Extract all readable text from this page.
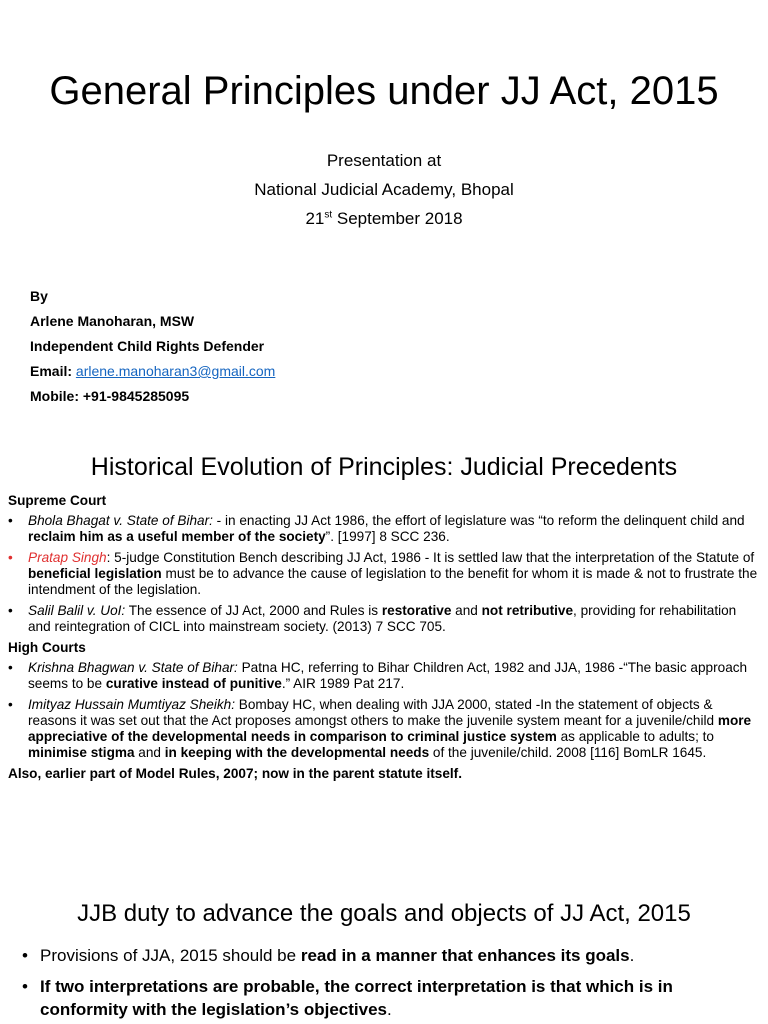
General Principles under JJ Act, 2015
Presentation at
National Judicial Academy, Bhopal
21st September 2018
By
Arlene Manoharan, MSW
Independent Child Rights Defender
Email: arlene.manoharan3@gmail.com
Mobile: +91-9845285095
Historical Evolution of Principles: Judicial Precedents
Supreme Court
• Bhola Bhagat v. State of Bihar: - in enacting JJ Act 1986, the effort of legislature was “to reform the delinquent child and reclaim him as a useful member of the society”. [1997] 8 SCC 236.
• Pratap Singh: 5-judge Constitution Bench describing JJ Act, 1986 - It is settled law that the interpretation of the Statute of beneficial legislation must be to advance the cause of legislation to the benefit for whom it is made & not to frustrate the intendment of the legislation.
• Salil Balil v. UoI: The essence of JJ Act, 2000 and Rules is restorative and not retributive, providing for rehabilitation and reintegration of CICL into mainstream society. (2013) 7 SCC 705.
High Courts
• Krishna Bhagwan v. State of Bihar: Patna HC, referring to Bihar Children Act, 1982 and JJA, 1986 -“The basic approach seems to be curative instead of punitive.” AIR 1989 Pat 217.
• Imityaz Hussain Mumtiyaz Sheikh: Bombay HC, when dealing with JJA 2000, stated -In the statement of objects & reasons it was set out that the Act proposes amongst others to make the juvenile system meant for a juvenile/child more appreciative of the developmental needs in comparison to criminal justice system as applicable to adults; to minimise stigma and in keeping with the developmental needs of the juvenile/child. 2008 [116] BomLR 1645.
Also, earlier part of Model Rules, 2007; now in the parent statute itself.
JJB duty to advance the goals and objects of JJ Act, 2015
• Provisions of JJA, 2015 should be read in a manner that enhances its goals.
• If two interpretations are probable, the correct interpretation is that which is in conformity with the legislation’s objectives.
